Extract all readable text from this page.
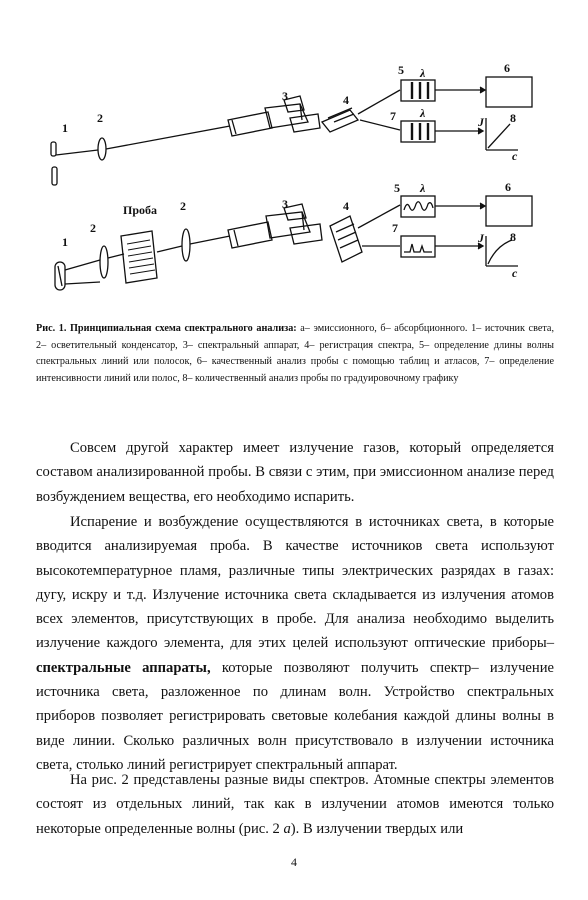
1
2
3	4
5	6
7	8
λ
λ
J
c
Проба
1
2
3	4
5	6
7
8
2
λ
J
c

Рис. 1. Принципиальная схема спектрального анализа: а– эмиссионного, б– абсорбционного. 1– источник света, 2– осветительный конденсатор, 3– спектральный аппарат, 4– регистрация спектра, 5– определение длины волны спектральных линий или полосок, 6– качественный анализ пробы с помощью таблиц и атласов, 7– определение интенсивности линий или полос, 8– количественный анализ пробы по градуировочному графику

Совсем другой характер имеет излучение газов, который определяется составом анализированной пробы. В связи с этим, при эмиссионном анализе перед возбуждением вещества, его необходимо испарить.

Испарение и возбуждение осуществляются в источниках света, в которые вводится анализируемая проба. В качестве источников света используют высокотемпературное пламя, различные типы электрических разрядах в газах: дугу, искру и т.д. Излучение источника света складывается из излучения атомов всех элементов, присутствующих в пробе. Для анализа необходимо выделить излучение каждого элемента, для этих целей используют оптические приборы– спектральные аппараты, которые позволяют получить спектр– излучение источника света, разложенное по длинам волн. Устройство спектральных приборов позволяет регистрировать световые колебания каждой длины волны в виде линии. Сколько различных волн присутствовало в излучении источника света, столько линий регистрирует спектральный аппарат.

На рис. 2 представлены разные виды спектров. Атомные спектры элементов состоят из отдельных линий, так как в излучении атомов имеются только некоторые определенные волны (рис. 2 а). В излучении твердых или

4
